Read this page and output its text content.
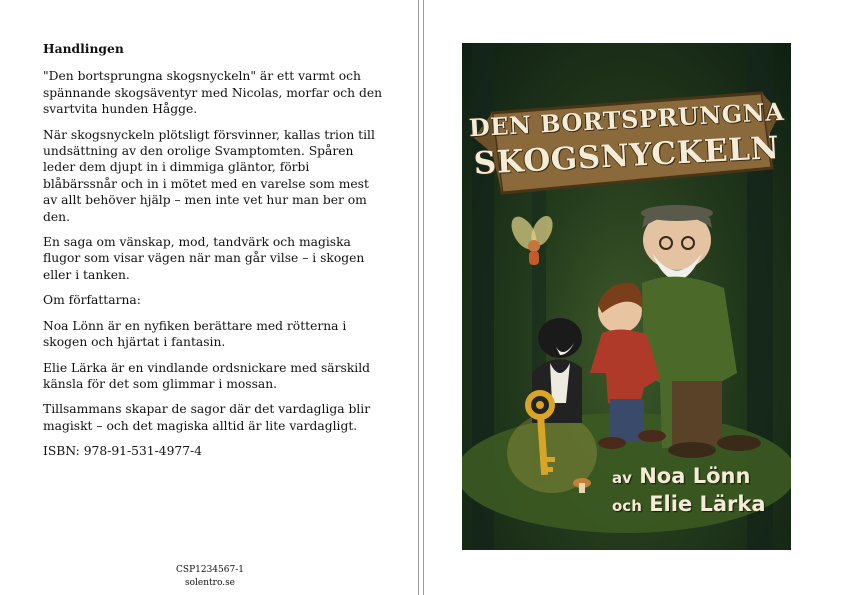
Handlingen

"Den bortsprungna skogsnyckeln" är ett varmt och spännande skogsäventyr med Nicolas, morfar och den svartvita hunden Hågge.

När skogsnyckeln plötsligt försvinner, kallas trion till undsättning av den orolige Svamptomten. Spåren leder dem djupt in i dimmiga gläntor, förbi blåbärssnår och in i mötet med en varelse som mest av allt behöver hjälp – men inte vet hur man ber om den.

En saga om vänskap, mod, tandvärk och magiska flugor som visar vägen när man går vilse – i skogen eller i tanken.

Om författarna:

Noa Lönn är en nyfiken berättare med rötterna i skogen och hjärtat i fantasin.

Elie Lärka är en vindlande ordsnickare med särskild känsla för det som glimmar i mossan.

Tillsammans skapar de sagor där det vardagliga blir magiskt – och det magiska alltid är lite vardagligt.

ISBN: 978-91-531-4977-4

CSP1234567-1
solentro.se
DEN BORTSPRUNGNA
SKOGSNYCKELN
av Noa Lönn
och Elie Lärka
